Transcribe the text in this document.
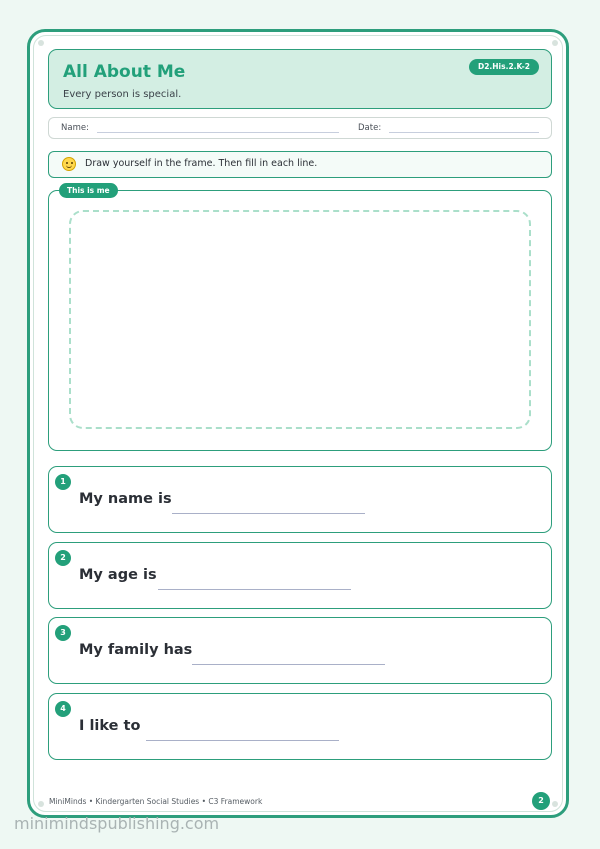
All About Me
Every person is special.
D2.His.2.K-2
Name:	Date:
Draw yourself in the frame. Then fill in each line.
This is me
1
My name is
2
My age is
3
My family has
4
I like to
MiniMinds • Kindergarten Social Studies • C3 Framework	2
minimindspublishing.com
